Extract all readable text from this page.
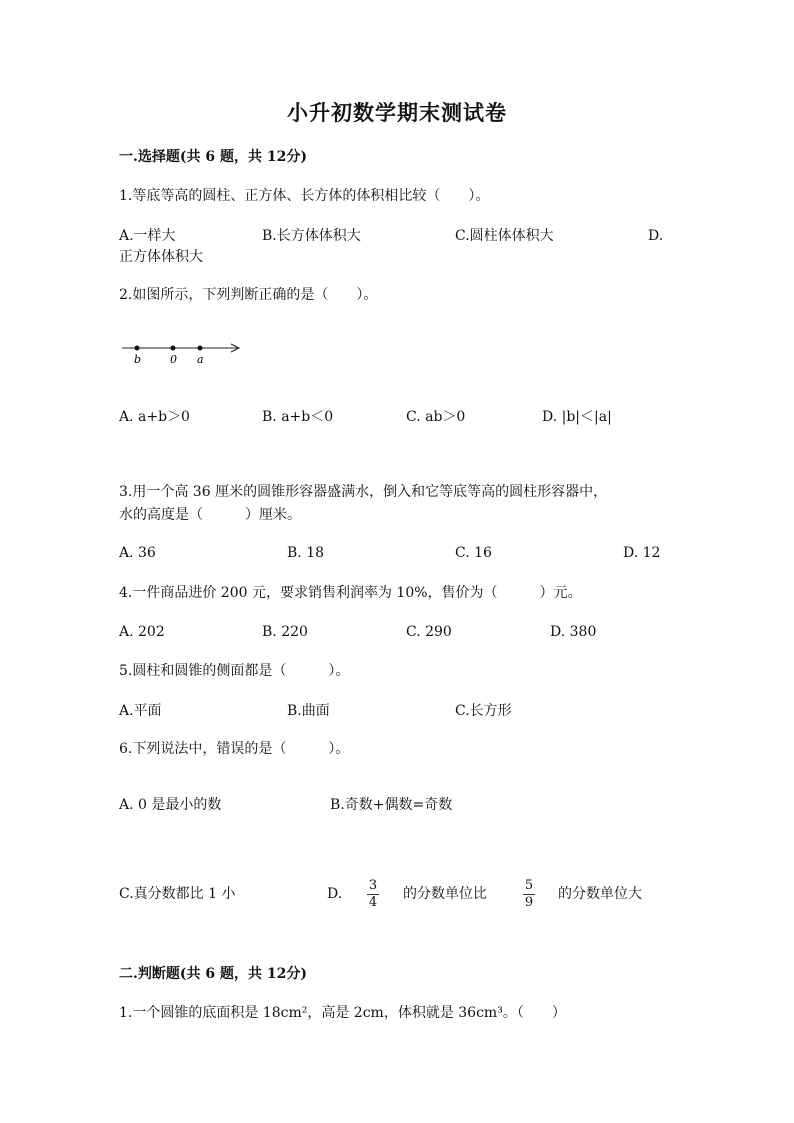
小升初数学期末测试卷
一.选择题(共 6 题，共 12分)
1.等底等高的圆柱、正方体、长方体的体积相比较（　　）。
A.一样大	B.长方体体积大	C.圆柱体体积大	D.
正方体体积大
2.如图所示，下列判断正确的是（　　）。
b	0 a
A. a+b＞0	B. a+b＜0	C. ab＞0	D. |b|＜|a|
3.用一个高 36 厘米的圆锥形容器盛满水，倒入和它等底等高的圆柱形容器中，
水的高度是（　　　）厘米。
A. 36	B. 18	C. 16	D. 12
4.一件商品进价 200 元，要求销售利润率为 10%，售价为（　　　）元。
A. 202	B. 220	C. 290	D. 380
5.圆柱和圆锥的侧面都是（　　　）。
A.平面	B.曲面	C.长方形
6.下列说法中，错误的是（　　　）。
A. 0 是最小的数	B.奇数+偶数=奇数
C.真分数都比 1 小	D.
3
4
的分数单位比
5
9
的分数单位大
二.判断题(共 6 题，共 12分)
1.一个圆锥的底面积是 18cm²，高是 2cm，体积就是 36cm³。（　　）
